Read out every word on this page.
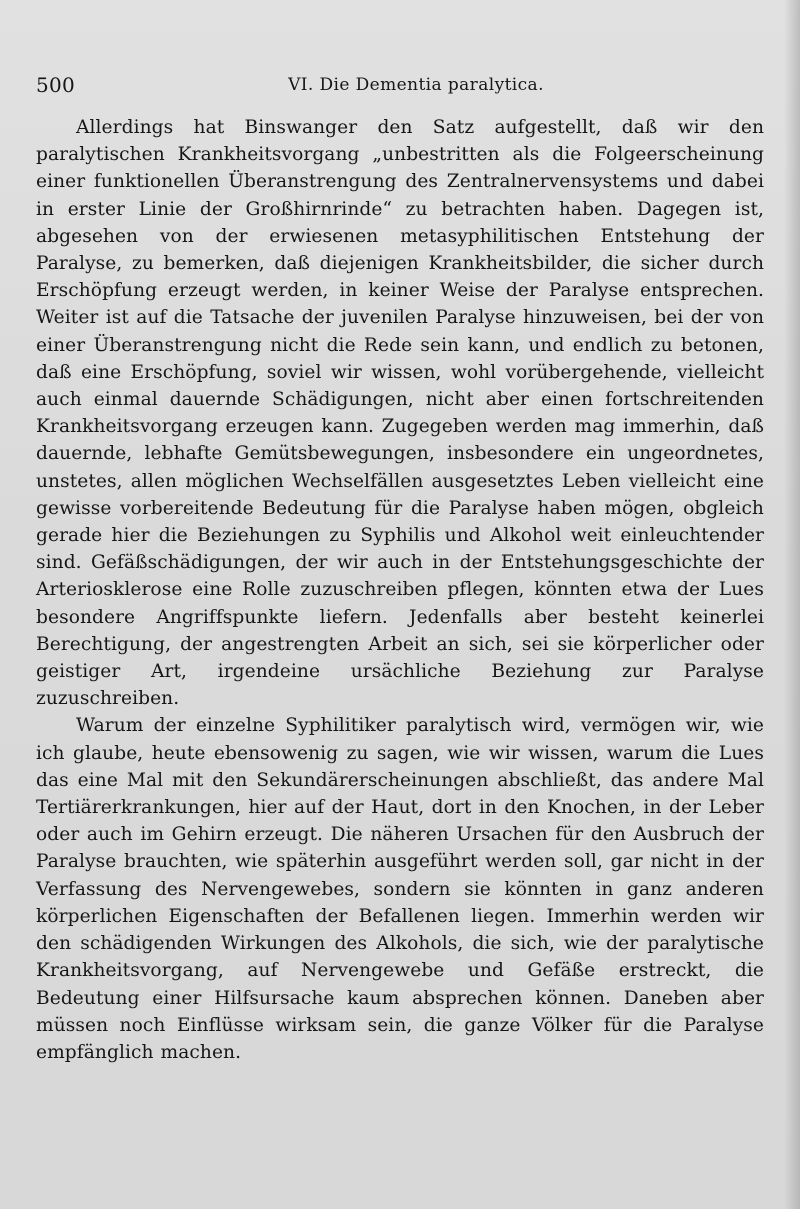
500	VI. Die Dementia paralytica.

Allerdings hat Binswanger den Satz aufgestellt, daß wir den paralytischen Krankheitsvorgang „unbestritten als die Folgeerscheinung einer funktionellen Überanstrengung des Zentralnervensystems und dabei in erster Linie der Großhirnrinde“ zu betrachten haben. Dagegen ist, abgesehen von der erwiesenen metasyphilitischen Entstehung der Paralyse, zu bemerken, daß diejenigen Krankheitsbilder, die sicher durch Erschöpfung erzeugt werden, in keiner Weise der Paralyse entsprechen. Weiter ist auf die Tatsache der juvenilen Paralyse hinzuweisen, bei der von einer Überanstrengung nicht die Rede sein kann, und endlich zu betonen, daß eine Erschöpfung, soviel wir wissen, wohl vorübergehende, vielleicht auch einmal dauernde Schädigungen, nicht aber einen fortschreitenden Krankheitsvorgang erzeugen kann. Zugegeben werden mag immerhin, daß dauernde, lebhafte Gemütsbewegungen, insbesondere ein ungeordnetes, unstetes, allen möglichen Wechselfällen ausgesetztes Leben vielleicht eine gewisse vorbereitende Bedeutung für die Paralyse haben mögen, obgleich gerade hier die Beziehungen zu Syphilis und Alkohol weit einleuchtender sind. Gefäßschädigungen, der wir auch in der Entstehungsgeschichte der Arteriosklerose eine Rolle zuzuschreiben pflegen, könnten etwa der Lues besondere Angriffspunkte liefern. Jedenfalls aber besteht keinerlei Berechtigung, der angestrengten Arbeit an sich, sei sie körperlicher oder geistiger Art, irgendeine ursächliche Beziehung zur Paralyse zuzuschreiben.

Warum der einzelne Syphilitiker paralytisch wird, vermögen wir, wie ich glaube, heute ebensowenig zu sagen, wie wir wissen, warum die Lues das eine Mal mit den Sekundärerscheinungen abschließt, das andere Mal Tertiärerkrankungen, hier auf der Haut, dort in den Knochen, in der Leber oder auch im Gehirn erzeugt. Die näheren Ursachen für den Ausbruch der Paralyse brauchten, wie späterhin ausgeführt werden soll, gar nicht in der Verfassung des Nervengewebes, sondern sie könnten in ganz anderen körperlichen Eigenschaften der Befallenen liegen. Immerhin werden wir den schädigenden Wirkungen des Alkohols, die sich, wie der paralytische Krankheitsvorgang, auf Nervengewebe und Gefäße erstreckt, die Bedeutung einer Hilfsursache kaum absprechen können. Daneben aber müssen noch Einflüsse wirksam sein, die ganze Völker für die Paralyse empfänglich machen.
